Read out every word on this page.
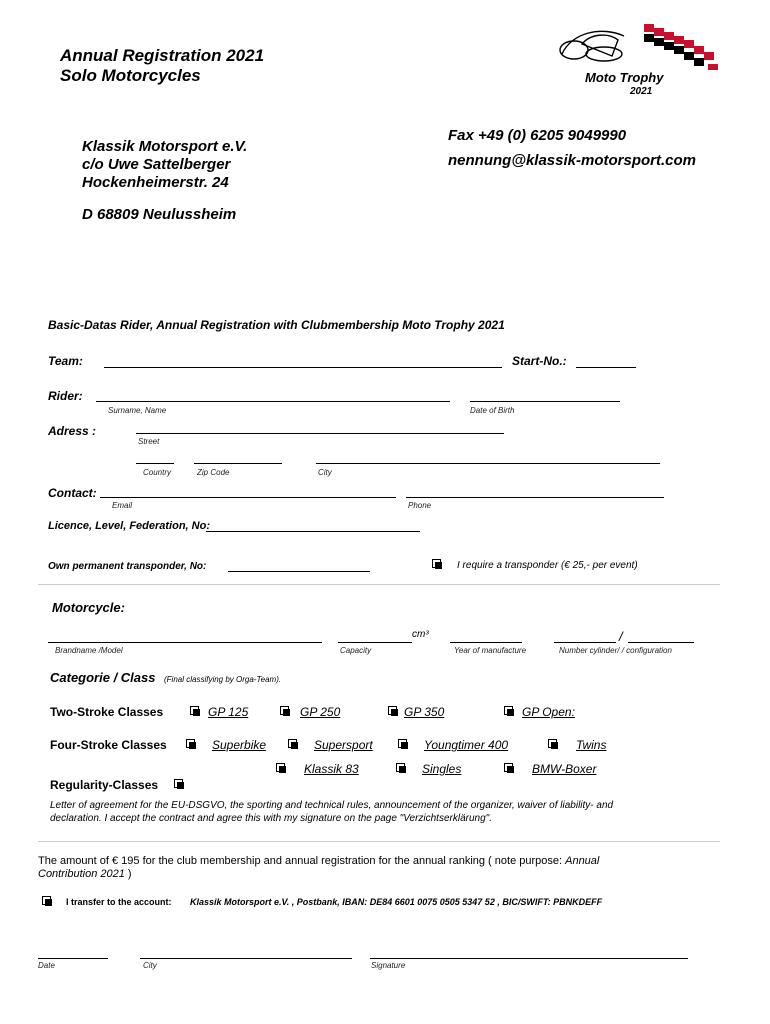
Annual Registration 2021
Solo Motorcycles	Moto Trophy
2021
Klassik Motorsport e.V.
c/o Uwe Sattelberger
Hockenheimerstr. 24
D 68809 Neulussheim
Fax +49 (0) 6205 9049990
nennung@klassik-motorsport.com
Basic-Datas Rider, Annual Registration with Clubmembership Moto Trophy 2021
Team:	Start-No.:
Rider:
Surname, Name	Date of Birth
Adress :
Street
Country	Zip Code	City
Contact:
Email	Phone
Licence, Level, Federation, No:
Own permanent transponder, No:	I require a transponder (€ 25,- per event)
Motorcycle:
cm³	/
Brandname /Model	Capacity	Year of manufacture	Number cylinder/ / configuration
Categorie / Class (Final classifying by Orga-Team).
Two-Stroke Classes	GP 125	GP 250	GP 350	GP Open:
Four-Stroke Classes	Superbike	Supersport	Youngtimer 400	Twins
Klassik 83	Singles	BMW-Boxer
Regularity-Classes
Letter of agreement for the EU-DSGVO, the sporting and technical rules, announcement of the organizer, waiver of liability- and
declaration. I accept the contract and agree this with my signature on the page "Verzichtserklärung".
The amount of € 195 for the club membership and annual registration for the annual ranking ( note purpose: Annual
Contribution 2021 )
I transfer to the account: Klassik Motorsport e.V. , Postbank, IBAN: DE84 6601 0075 0505 5347 52 , BIC/SWIFT: PBNKDEFF
Date	City	Signature
